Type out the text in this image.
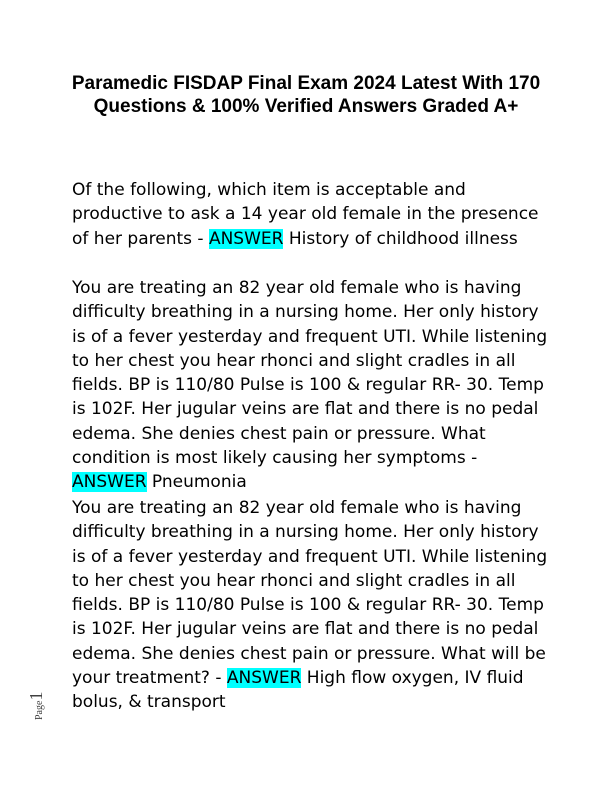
Paramedic FISDAP Final Exam 2024 Latest With 170 Questions & 100% Verified Answers Graded A+

Of the following, which item is acceptable and productive to ask a 14 year old female in the presence of her parents - ANSWER History of childhood illness

You are treating an 82 year old female who is having difficulty breathing in a nursing home. Her only history is of a fever yesterday and frequent UTI. While listening to her chest you hear rhonci and slight cradles in all fields. BP is 110/80 Pulse is 100 & regular RR- 30. Temp is 102F. Her jugular veins are flat and there is no pedal edema. She denies chest pain or pressure. What condition is most likely causing her symptoms - ANSWER Pneumonia

You are treating an 82 year old female who is having difficulty breathing in a nursing home. Her only history is of a fever yesterday and frequent UTI. While listening to her chest you hear rhonci and slight cradles in all fields. BP is 110/80 Pulse is 100 & regular RR- 30. Temp is 102F. Her jugular veins are flat and there is no pedal edema. She denies chest pain or pressure. What will be your treatment? - ANSWER High flow oxygen, IV fluid bolus, & transport

Page1
